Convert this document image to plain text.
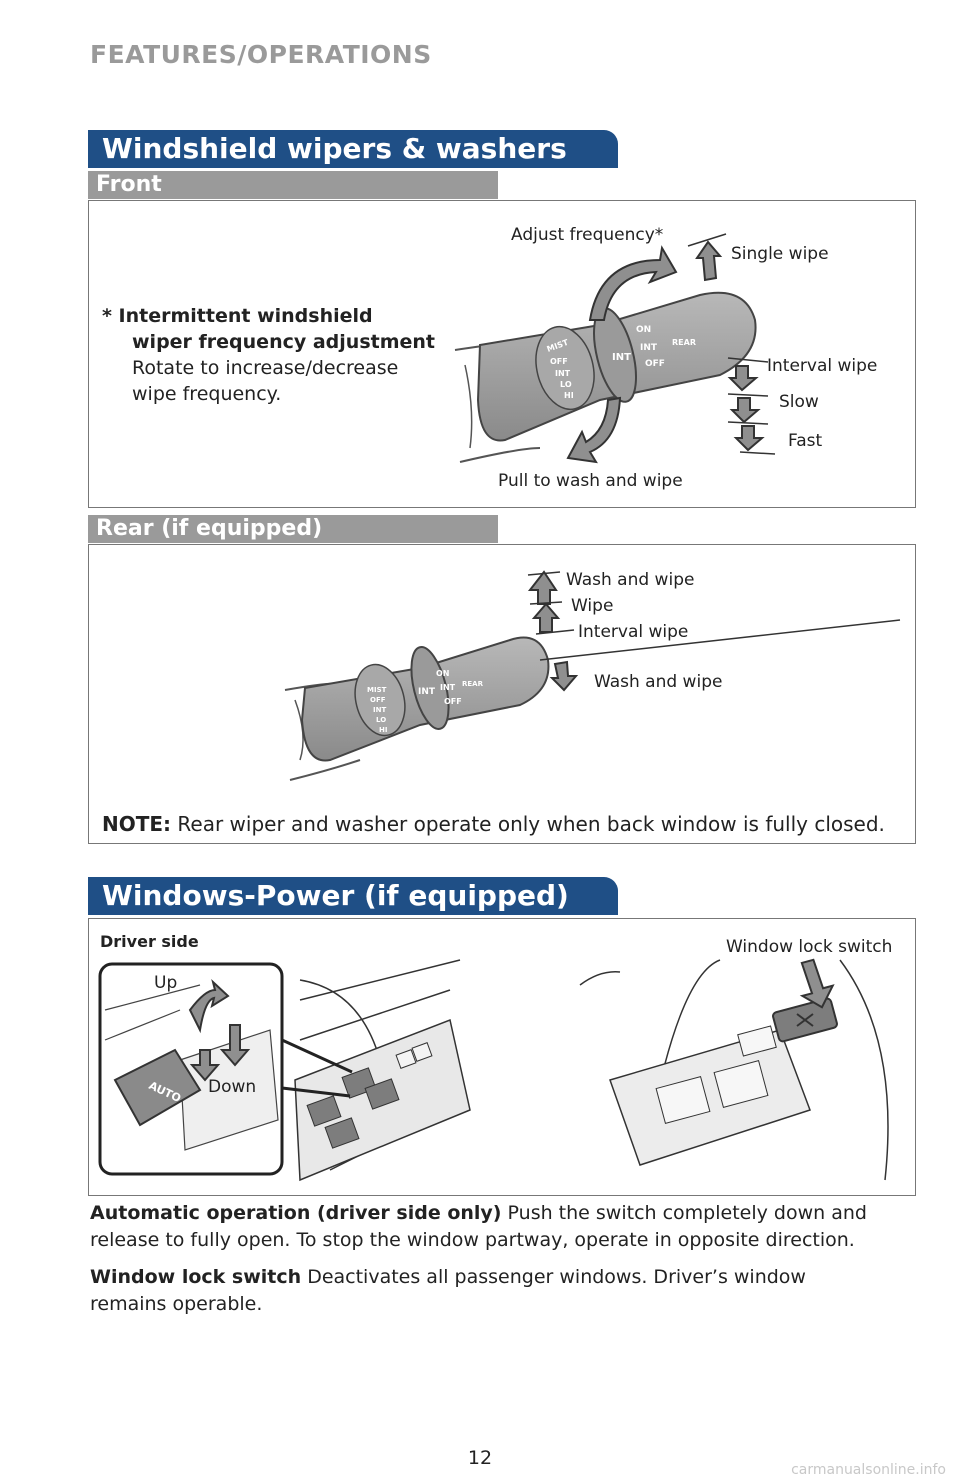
FEATURES/OPERATIONS
Windshield wipers & washers
Front
* Intermittent windshield
wiper frequency adjustment
Rotate to increase/decrease
wipe frequency.
MIST
OFF
INT
LO
HI
INT
ON
INT
OFF
REAR
Adjust frequency*
Single wipe
Interval wipe
Slow
Fast
Pull to wash and wipe
Rear (if equipped)
MIST
OFF
INT
LO
HI
INT
ON
INT
OFF
REAR
Wash and wipe
Wipe
Interval wipe
Wash and wipe
NOTE: Rear wiper and washer operate only when back window is fully closed.
Windows-Power (if equipped)
Driver side	Window lock switch
AUTO
Up
Down
Automatic operation (driver side only) Push the switch completely down and
release to fully open. To stop the window partway, operate in opposite direction.
Window lock switch Deactivates all passenger windows. Driver’s window
remains operable.
12
carmanualsonline.info
